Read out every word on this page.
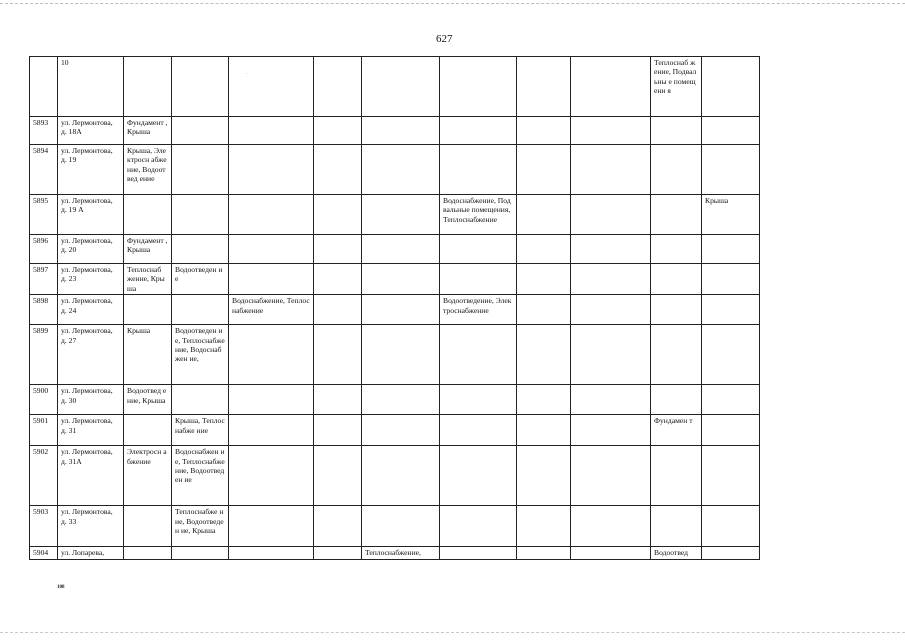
627
·
	10									Теплоснаб жение, Подвальны е помещени я	
5893	ул. Лермонтова, д. 18А	Фундамент , Крыша									
5894	ул. Лермонтова, д. 19	Крыша, Электросн абжение, Водоотвед ение									
5895	ул. Лермонтова, д. 19 А						Водоснабжение, Подвальные помещения, Теплоснабжение				Крыша
5896	ул. Лермонтова, д. 20	Фундамент , Крыша									
5897	ул. Лермонтова, д. 23	Теплоснаб жение, Крыша	Водоотведен ие								
5898	ул. Лермонтова, д. 24			Водоснабжение, Теплоснабжение			Водоотведение, Электроснабжение				
5899	ул. Лермонтова, д. 27	Крыша	Водоотведен ие, Теплоснабже ние, Водоснабжен ие,								
5900	ул. Лермонтова, д. 30	Водоотвед ение, Крыша									
5901	ул. Лермонтова, д. 31		Крыша, Теплоснабже ние							Фундамен т	
5902	ул. Лермонтова, д. 31А	Электросн абжение	Водоснабжен ие, Теплоснабже ние, Водоотведен ие								
5903	ул. Лермонтова, д. 33		Теплоснабже ние, Водоотведен ие, Крыша								
5904	ул. Лопарева,					Теплоснабжение,				Водоотвед	
108
